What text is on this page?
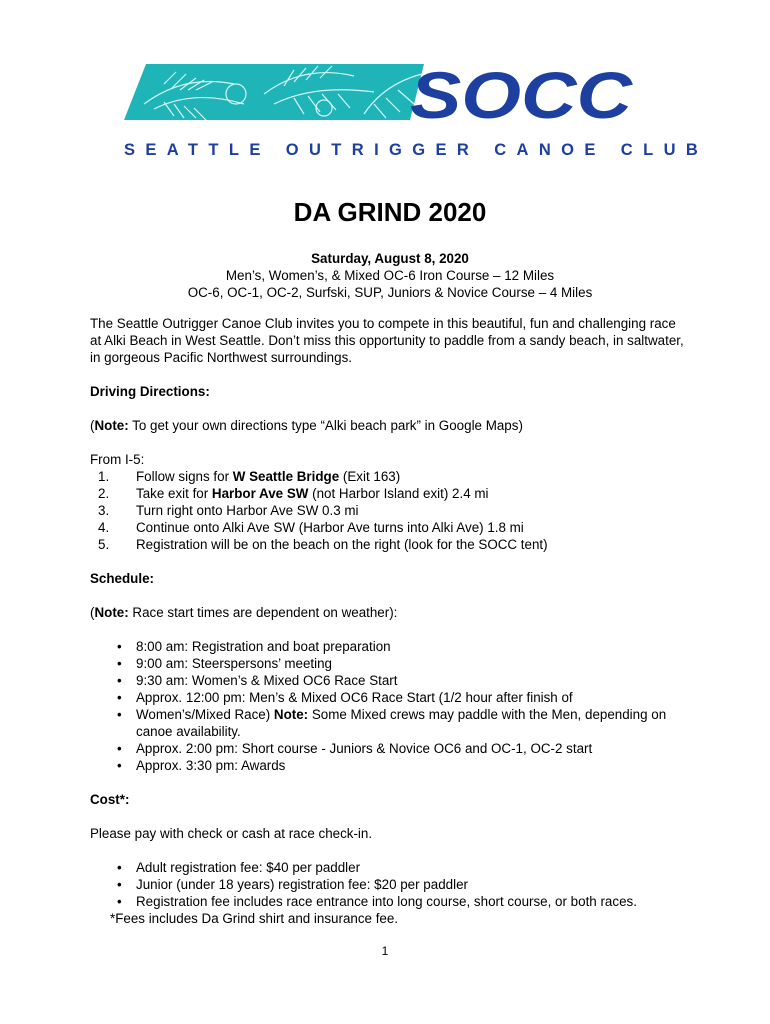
SOCC
SEATTLE OUTRIGGER CANOE CLUB
DA GRIND 2020

Saturday, August 8, 2020

Men’s, Women’s, & Mixed OC-6 Iron Course – 12 Miles

OC-6, OC-1, OC-2, Surfski, SUP, Juniors & Novice Course – 4 Miles

The Seattle Outrigger Canoe Club invites you to compete in this beautiful, fun and challenging race at Alki Beach in West Seattle. Don’t miss this opportunity to paddle from a sandy beach, in saltwater, in gorgeous Pacific Northwest surroundings.

Driving Directions:

(Note: To get your own directions type “Alki beach park” in Google Maps)

From I-5:

1. Follow signs for W Seattle Bridge (Exit 163)
2. Take exit for Harbor Ave SW (not Harbor Island exit) 2.4 mi
3. Turn right onto Harbor Ave SW 0.3 mi
4. Continue onto Alki Ave SW (Harbor Ave turns into Alki Ave) 1.8 mi
5. Registration will be on the beach on the right (look for the SOCC tent)

Schedule:

(Note: Race start times are dependent on weather):

• 8:00 am: Registration and boat preparation
• 9:00 am: Steerspersons’ meeting
• 9:30 am: Women’s & Mixed OC6 Race Start
• Approx. 12:00 pm: Men’s & Mixed OC6 Race Start (1/2 hour after finish of
• Women’s/Mixed Race) Note: Some Mixed crews may paddle with the Men, depending on canoe availability.
• Approx. 2:00 pm: Short course - Juniors & Novice OC6 and OC-1, OC-2 start
• Approx. 3:30 pm: Awards

Cost*:

Please pay with check or cash at race check-in.

• Adult registration fee: $40 per paddler
• Junior (under 18 years) registration fee: $20 per paddler
• Registration fee includes race entrance into long course, short course, or both races.

*Fees includes Da Grind shirt and insurance fee.

1
